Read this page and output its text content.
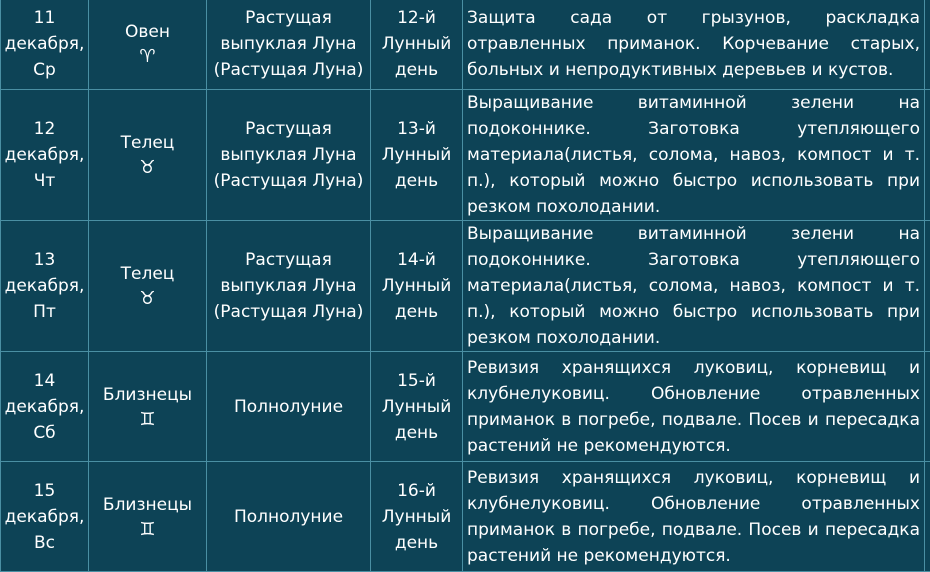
11
декабря,
Ср	Овен
♈	Растущая
выпуклая Луна
(Растущая Луна)	12-й
Лунный
день	Защита сада от грызунов, раскладка отравленных приманок. Корчевание старых, больных и непродуктивных деревьев и кустов.	

12
декабря,
Чт	Телец
♉	Растущая
выпуклая Луна
(Растущая Луна)	13-й
Лунный
день	Выращивание витаминной зелени на подоконнике. Заготовка утепляющего материала(листья, солома, навоз, компост и т. п.), который можно быстро использовать при резком похолодании.	

13
декабря,
Пт	Телец
♉	Растущая
выпуклая Луна
(Растущая Луна)	14-й
Лунный
день	Выращивание витаминной зелени на подоконнике. Заготовка утепляющего материала(листья, солома, навоз, компост и т. п.), который можно быстро использовать при резком похолодании.	

14
декабря,
Сб	Близнецы
♊	Полнолуние	15-й
Лунный
день	Ревизия хранящихся луковиц, корневищ и клубнелуковиц. Обновление отравленных приманок в погребе, подвале. Посев и пересадка растений не рекомендуются.	

15
декабря,
Вс	Близнецы
♊	Полнолуние	16-й
Лунный
день	Ревизия хранящихся луковиц, корневищ и клубнелуковиц. Обновление отравленных приманок в погребе, подвале. Посев и пересадка растений не рекомендуются.	
